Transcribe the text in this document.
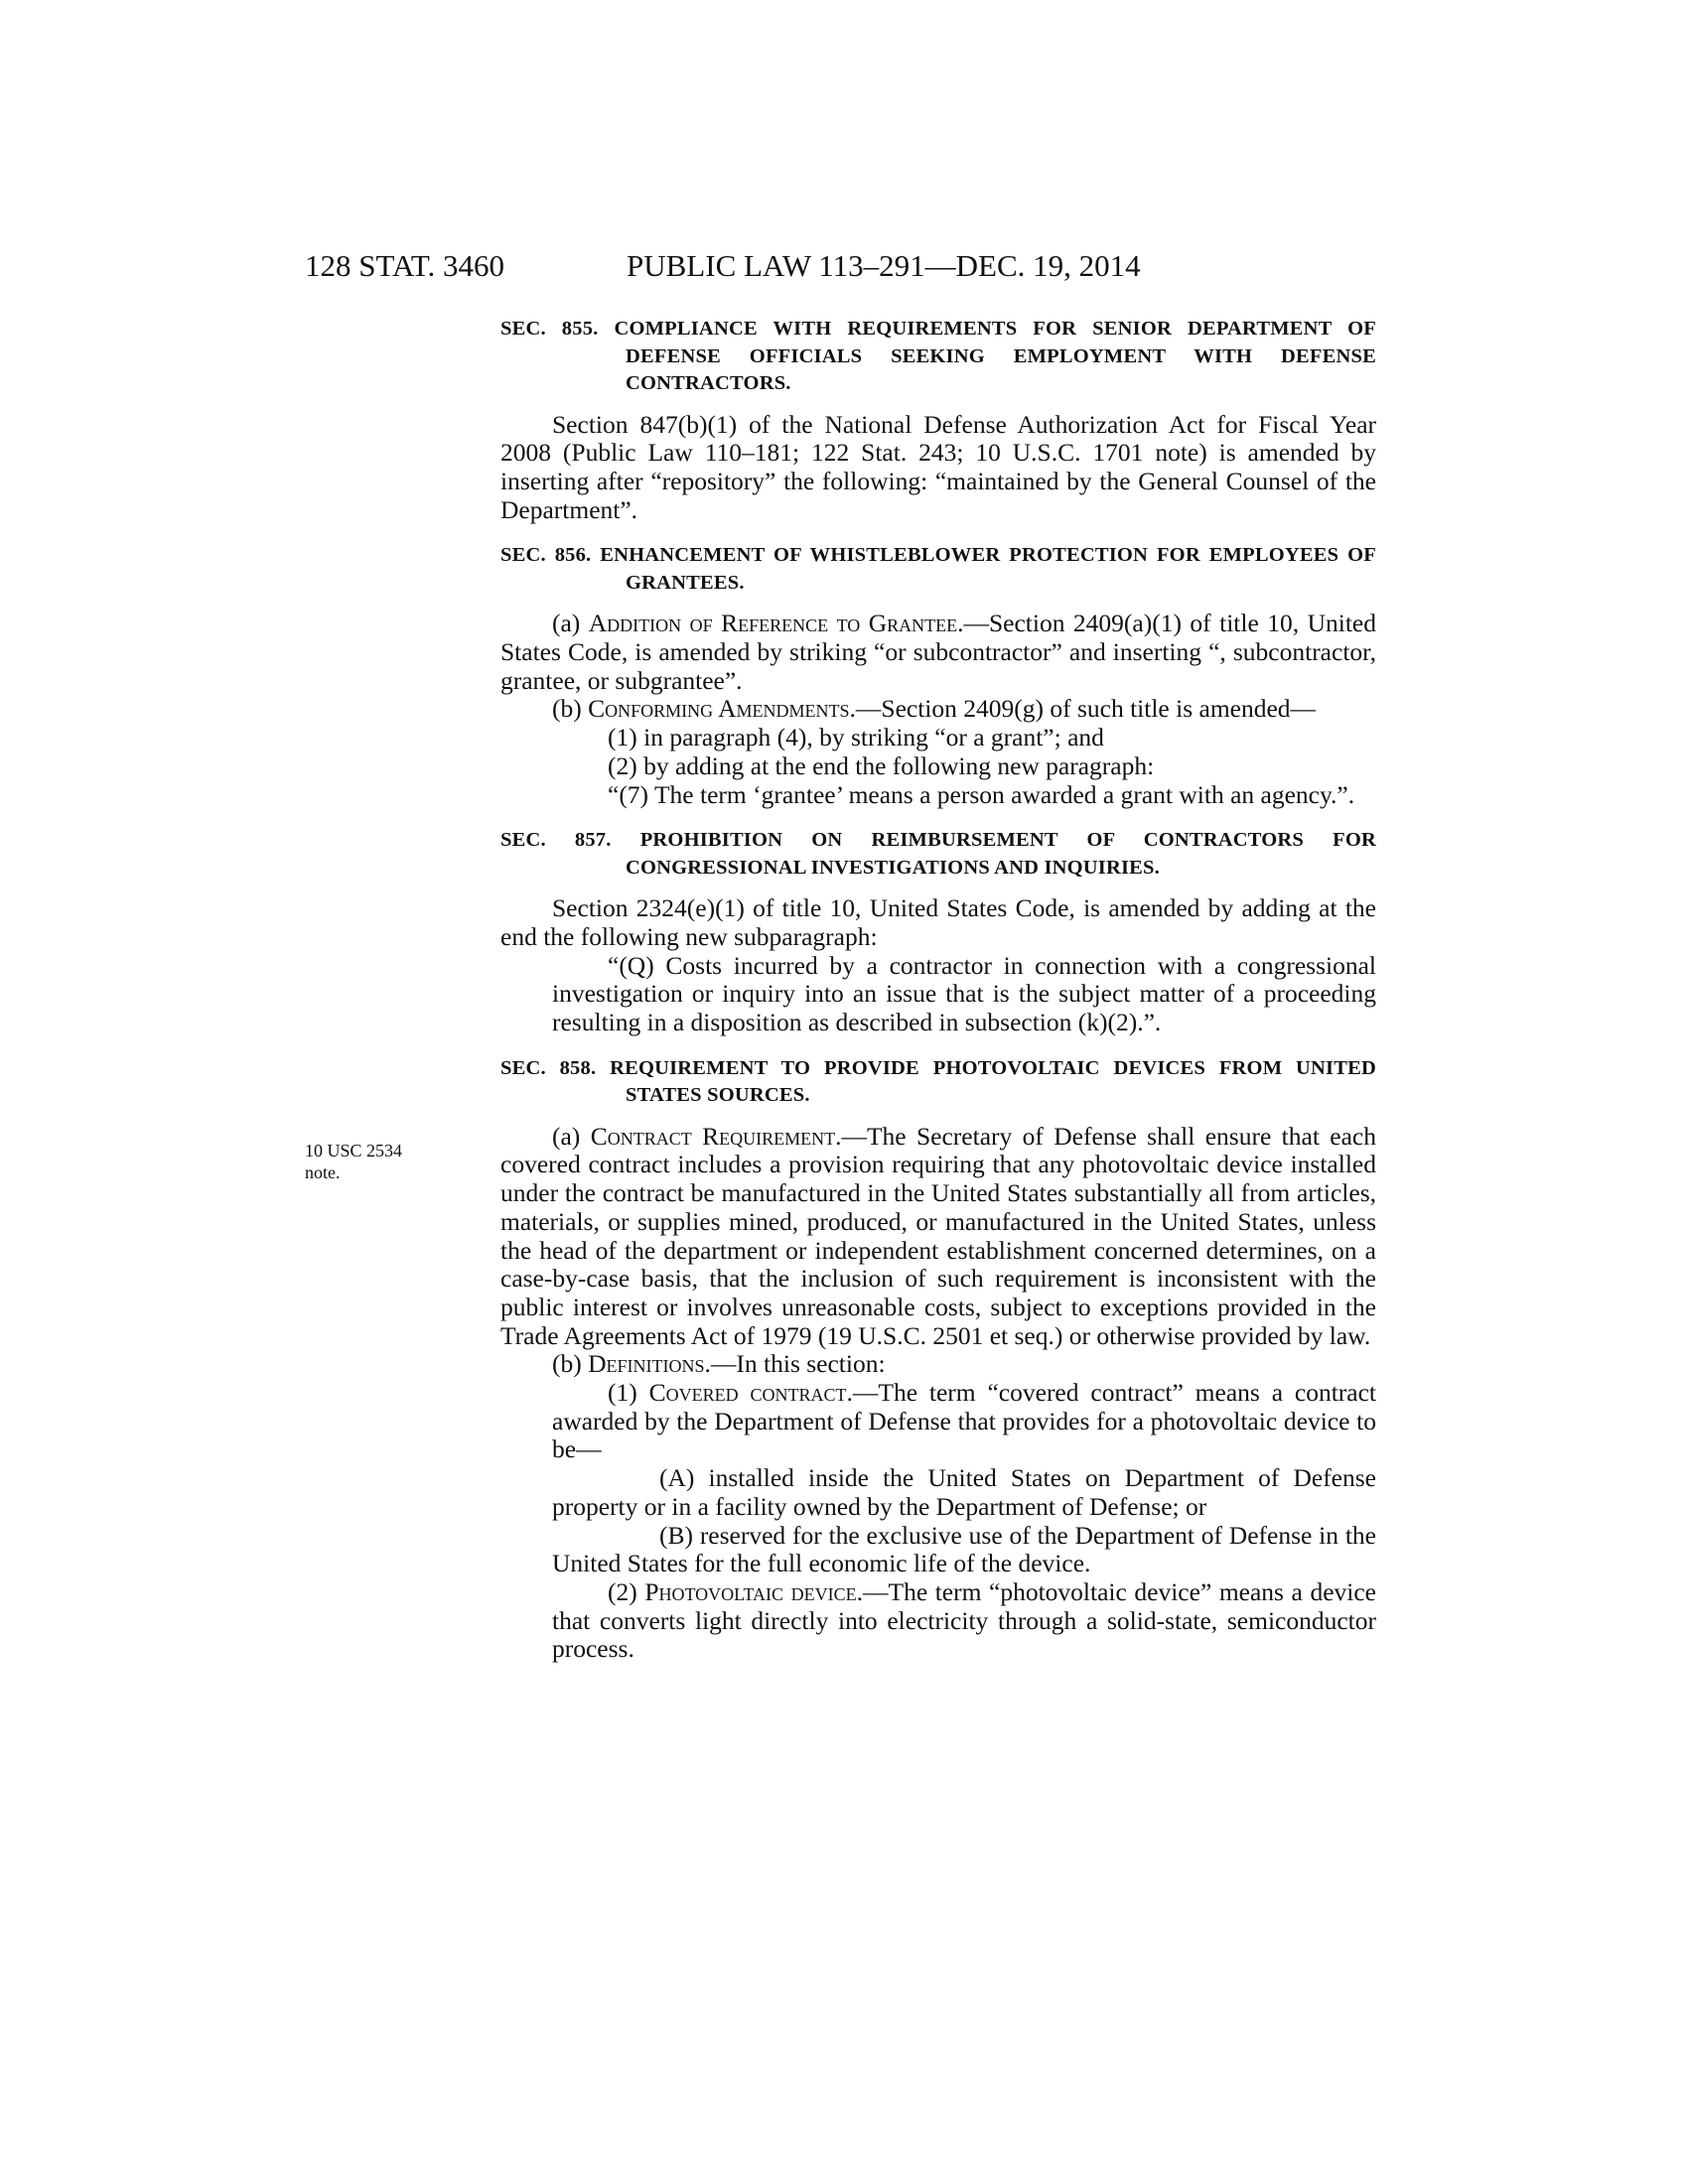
128 STAT. 3460	PUBLIC LAW 113–291—DEC. 19, 2014
10 USC 2534
note.

SEC. 855. COMPLIANCE WITH REQUIREMENTS FOR SENIOR DEPARTMENT OF DEFENSE OFFICIALS SEEKING EMPLOYMENT WITH DEFENSE CONTRACTORS.

Section 847(b)(1) of the National Defense Authorization Act for Fiscal Year 2008 (Public Law 110–181; 122 Stat. 243; 10 U.S.C. 1701 note) is amended by inserting after “repository” the following: “maintained by the General Counsel of the Department”.

SEC. 856. ENHANCEMENT OF WHISTLEBLOWER PROTECTION FOR EMPLOYEES OF GRANTEES.

(a) Addition of Reference to Grantee.—Section 2409(a)(1) of title 10, United States Code, is amended by striking “or subcontractor” and inserting “, subcontractor, grantee, or subgrantee”.

(b) Conforming Amendments.—Section 2409(g) of such title is amended—

(1) in paragraph (4), by striking “or a grant”; and

(2) by adding at the end the following new paragraph:

“(7) The term ‘grantee’ means a person awarded a grant with an agency.”.

SEC. 857. PROHIBITION ON REIMBURSEMENT OF CONTRACTORS FOR CONGRESSIONAL INVESTIGATIONS AND INQUIRIES.

Section 2324(e)(1) of title 10, United States Code, is amended by adding at the end the following new subparagraph:

“(Q) Costs incurred by a contractor in connection with a congressional investigation or inquiry into an issue that is the subject matter of a proceeding resulting in a disposition as described in subsection (k)(2).”.

SEC. 858. REQUIREMENT TO PROVIDE PHOTOVOLTAIC DEVICES FROM UNITED STATES SOURCES.

(a) Contract Requirement.—The Secretary of Defense shall ensure that each covered contract includes a provision requiring that any photovoltaic device installed under the contract be manufactured in the United States substantially all from articles, materials, or supplies mined, produced, or manufactured in the United States, unless the head of the department or independent establishment concerned determines, on a case-by-case basis, that the inclusion of such requirement is inconsistent with the public interest or involves unreasonable costs, subject to exceptions provided in the Trade Agreements Act of 1979 (19 U.S.C. 2501 et seq.) or otherwise provided by law.

(b) Definitions.—In this section:

(1) Covered contract.—The term “covered contract” means a contract awarded by the Department of Defense that provides for a photovoltaic device to be—

(A) installed inside the United States on Department of Defense property or in a facility owned by the Department of Defense; or

(B) reserved for the exclusive use of the Department of Defense in the United States for the full economic life of the device.

(2) Photovoltaic device.—The term “photovoltaic device” means a device that converts light directly into electricity through a solid-state, semiconductor process.
